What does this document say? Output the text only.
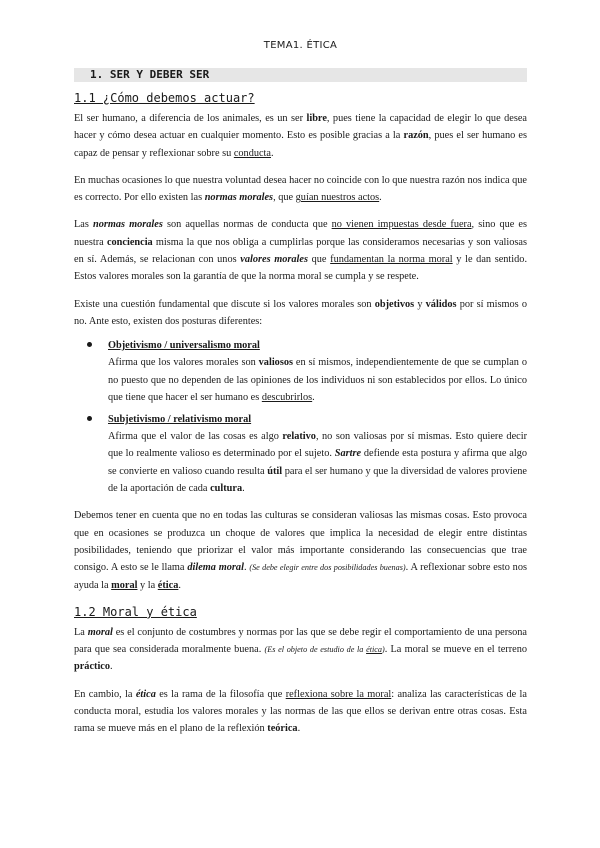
TEMA1. ÉTICA
1. SER Y DEBER SER
1.1 ¿Cómo debemos actuar?

El ser humano, a diferencia de los animales, es un ser libre, pues tiene la capacidad de elegir lo que desea hacer y cómo desea actuar en cualquier momento. Esto es posible gracias a la razón, pues el ser humano es capaz de pensar y reflexionar sobre su conducta.

En muchas ocasiones lo que nuestra voluntad desea hacer no coincide con lo que nuestra razón nos indica que es correcto. Por ello existen las normas morales, que guían nuestros actos.

Las normas morales son aquellas normas de conducta que no vienen impuestas desde fuera, sino que es nuestra conciencia misma la que nos obliga a cumplirlas porque las consideramos necesarias y son valiosas en sí. Además, se relacionan con unos valores morales que fundamentan la norma moral y le dan sentido. Estos valores morales son la garantía de que la norma moral se cumpla y se respete.

Existe una cuestión fundamental que discute si los valores morales son objetivos y válidos por sí mismos o no. Ante esto, existen dos posturas diferentes:

Objetivismo / universalismo moral
Afirma que los valores morales son valiosos en sí mismos, independientemente de que se cumplan o no puesto que no dependen de las opiniones de los individuos ni son establecidos por ellos. Lo único que tiene que hacer el ser humano es descubrirlos.
Subjetivismo / relativismo moral
Afirma que el valor de las cosas es algo relativo, no son valiosas por sí mismas. Esto quiere decir que lo realmente valioso es determinado por el sujeto. Sartre defiende esta postura y afirma que algo se convierte en valioso cuando resulta útil para el ser humano y que la diversidad de valores proviene de la aportación de cada cultura.

Debemos tener en cuenta que no en todas las culturas se consideran valiosas las mismas cosas. Esto provoca que en ocasiones se produzca un choque de valores que implica la necesidad de elegir entre distintas posibilidades, teniendo que priorizar el valor más importante considerando las consecuencias que trae consigo. A esto se le llama dilema moral. (Se debe elegir entre dos posibilidades buenas). A reflexionar sobre esto nos ayuda la moral y la ética.

1.2 Moral y ética

La moral es el conjunto de costumbres y normas por las que se debe regir el comportamiento de una persona para que sea considerada moralmente buena. (Es el objeto de estudio de la ética). La moral se mueve en el terreno práctico.

En cambio, la ética es la rama de la filosofía que reflexiona sobre la moral: analiza las características de la conducta moral, estudia los valores morales y las normas de las que ellos se derivan entre otras cosas. Esta rama se mueve más en el plano de la reflexión teórica.
